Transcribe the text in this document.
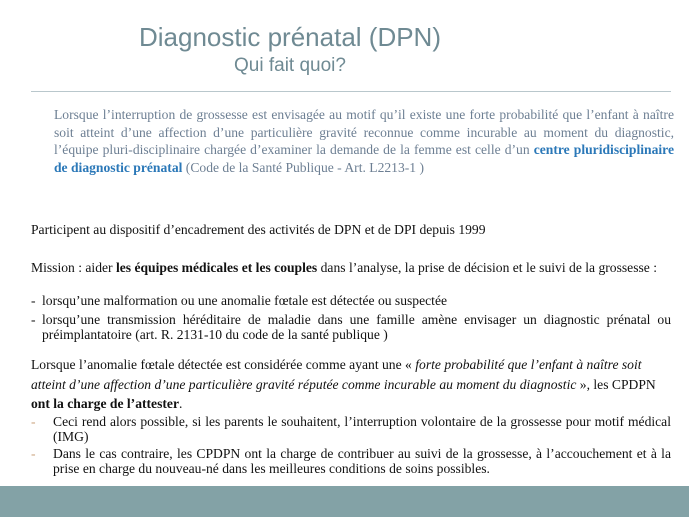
Diagnostic prénatal (DPN)
Qui fait quoi?
Lorsque l’interruption de grossesse est envisagée au motif qu’il existe une forte probabilité que l’enfant à naître soit atteint d’une affection d’une particulière gravité reconnue comme incurable au moment du diagnostic, l’équipe pluri-disciplinaire chargée d’examiner la demande de la femme est celle d’un centre pluridisciplinaire de diagnostic prénatal (Code de la Santé Publique - Art. L2213-1 )
Participent au dispositif d’encadrement des activités de DPN et de DPI depuis 1999
Mission : aider les équipes médicales et les couples dans l’analyse, la prise de décision et le suivi de la grossesse :
- lorsqu’une malformation ou une anomalie fœtale est détectée ou suspectée
- lorsqu’une transmission héréditaire de maladie dans une famille amène envisager un diagnostic prénatal ou préimplantatoire (art. R. 2131-10 du code de la santé publique )
Lorsque l’anomalie fœtale détectée est considérée comme ayant une « forte probabilité que l’enfant à naître soit atteint d’une affection d’une particulière gravité réputée comme incurable au moment du diagnostic », les CPDPN ont la charge de l’attester.
- Ceci rend alors possible, si les parents le souhaitent, l’interruption volontaire de la grossesse pour motif médical (IMG)
- Dans le cas contraire, les CPDPN ont la charge de contribuer au suivi de la grossesse, à l’accouchement et à la prise en charge du nouveau-né dans les meilleures conditions de soins possibles.
